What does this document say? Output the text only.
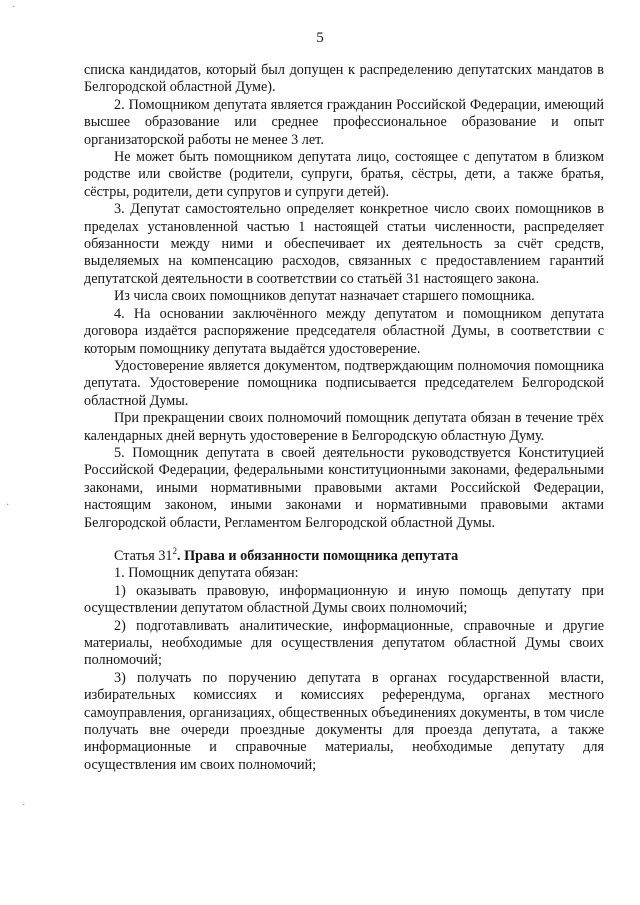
·
·
·
5

списка кандидатов, который был допущен к распределению депутатских мандатов в Белгородской областной Думе).

2. Помощником депутата является гражданин Российской Федерации, имеющий высшее образование или среднее профессиональное образование и опыт организаторской работы не менее 3 лет.

Не может быть помощником депутата лицо, состоящее с депутатом в близком родстве или свойстве (родители, супруги, братья, сёстры, дети, а также братья, сёстры, родители, дети супругов и супруги детей).

3. Депутат самостоятельно определяет конкретное число своих помощников в пределах установленной частью 1 настоящей статьи численности, распределяет обязанности между ними и обеспечивает их деятельность за счёт средств, выделяемых на компенсацию расходов, связанных с предоставлением гарантий депутатской деятельности в соответствии со статьёй 31 настоящего закона.

Из числа своих помощников депутат назначает старшего помощника.

4. На основании заключённого между депутатом и помощником депутата договора издаётся распоряжение председателя областной Думы, в соответствии с которым помощнику депутата выдаётся удостоверение.

Удостоверение является документом, подтверждающим полномочия помощника депутата. Удостоверение помощника подписывается председателем Белгородской областной Думы.

При прекращении своих полномочий помощник депутата обязан в течение трёх календарных дней вернуть удостоверение в Белгородскую областную Думу.

5. Помощник депутата в своей деятельности руководствуется Конституцией Российской Федерации, федеральными конституционными законами, федеральными законами, иными нормативными правовыми актами Российской Федерации, настоящим законом, иными законами и нормативными правовыми актами Белгородской области, Регламентом Белгородской областной Думы.

Статья $31^2$. Права и обязанности помощника депутата

1. Помощник депутата обязан:

1) оказывать правовую, информационную и иную помощь депутату при осуществлении депутатом областной Думы своих полномочий;

2) подготавливать аналитические, информационные, справочные и другие материалы, необходимые для осуществления депутатом областной Думы своих полномочий;

3) получать по поручению депутата в органах государственной власти, избирательных комиссиях и комиссиях референдума, органах местного самоуправления, организациях, общественных объединениях документы, в том числе получать вне очереди проездные документы для проезда депутата, а также информационные и справочные материалы, необходимые депутату для осуществления им своих полномочий;
